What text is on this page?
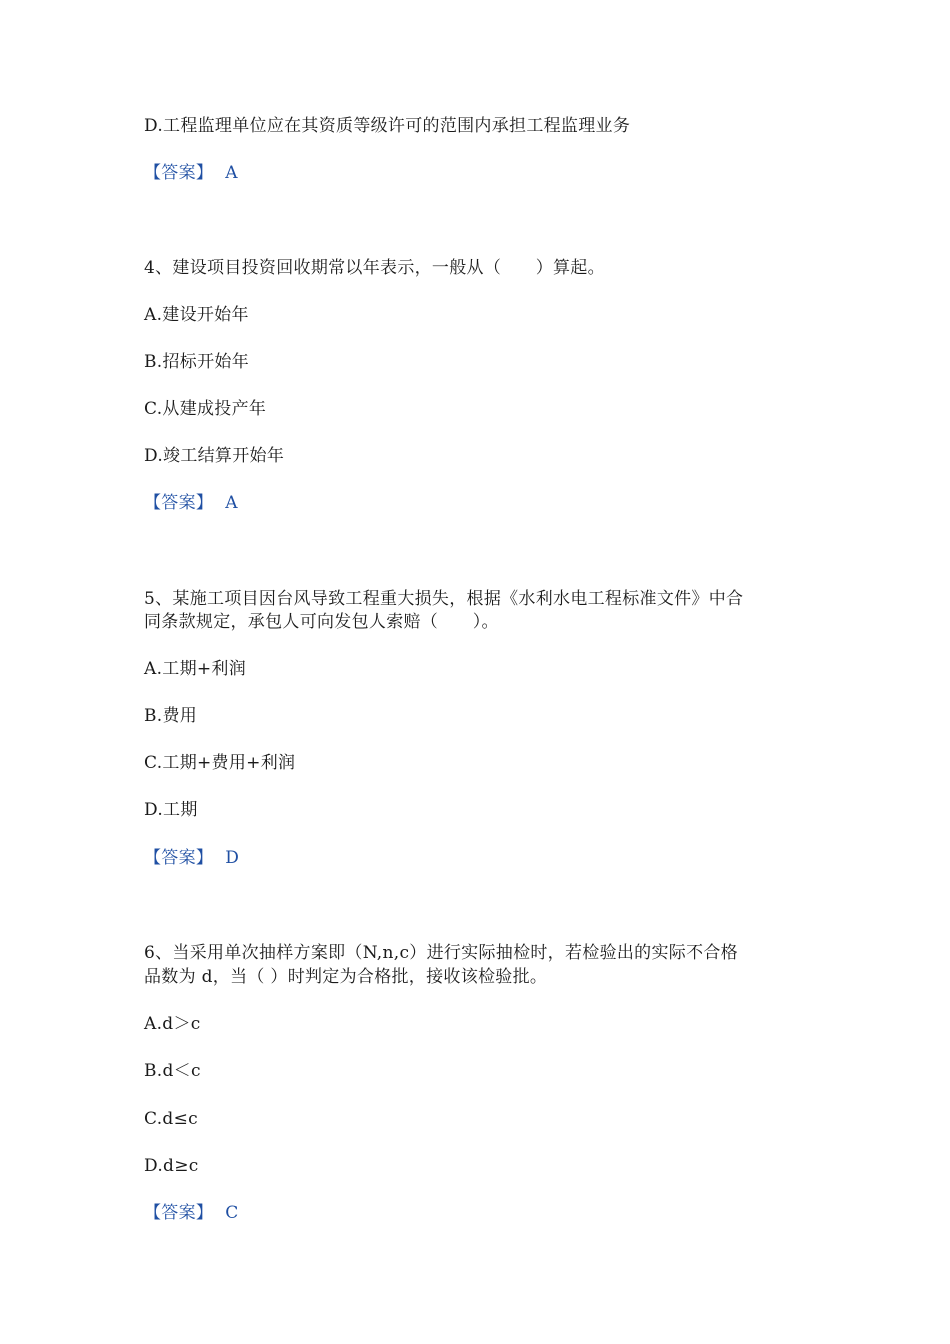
D.工程监理单位应在其资质等级许可的范围内承担工程监理业务
【答案】 A
4、建设项目投资回收期常以年表示，一般从（　　）算起。
A.建设开始年
B.招标开始年
C.从建成投产年
D.竣工结算开始年
【答案】 A
5、某施工项目因台风导致工程重大损失，根据《水利水电工程标准文件》中合
同条款规定，承包人可向发包人索赔（　　）。
A.工期+利润
B.费用
C.工期+费用+利润
D.工期
【答案】 D
6、当采用单次抽样方案即（N,n,c）进行实际抽检时，若检验出的实际不合格
品数为 d，当（ ）时判定为合格批，接收该检验批。
A.d＞c
B.d＜c
C.d≤c
D.d≥c
【答案】 C
